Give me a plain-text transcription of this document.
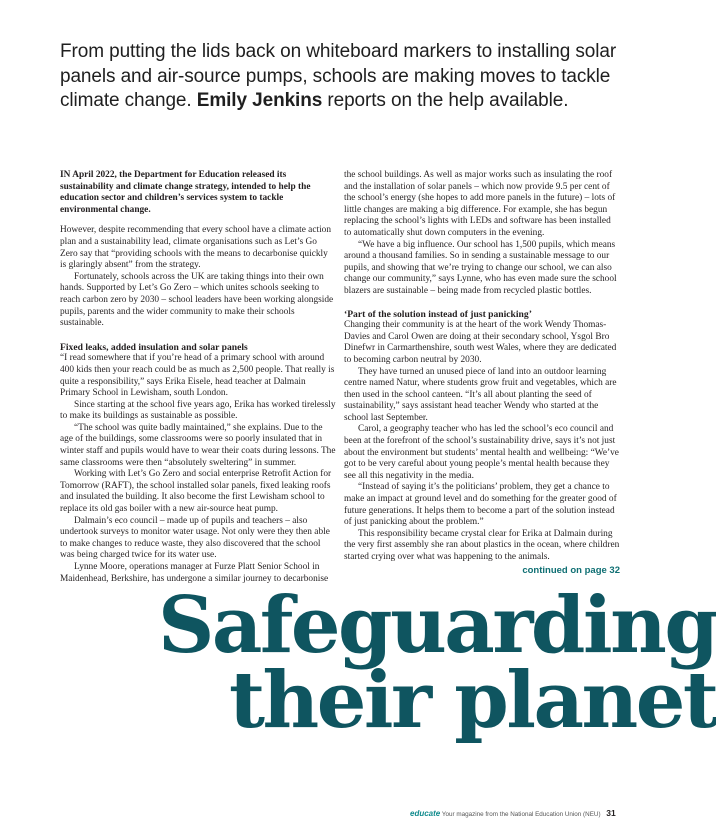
From putting the lids back on whiteboard markers to installing solar panels and air-source pumps, schools are making moves to tackle climate change. Emily Jenkins reports on the help available.

IN April 2022, the Department for Education released its sustainability and climate change strategy, intended to help the education sector and children’s services system to tackle environmental change.

However, despite recommending that every school have a climate action plan and a sustainability lead, climate organisations such as Let’s Go Zero say that “providing schools with the means to decarbonise quickly is glaringly absent” from the strategy.

Fortunately, schools across the UK are taking things into their own hands. Supported by Let’s Go Zero – which unites schools seeking to reach carbon zero by 2030 – school leaders have been working alongside pupils, parents and the wider community to make their schools sustainable.

Fixed leaks, added insulation and solar panels

“I read somewhere that if you’re head of a primary school with around 400 kids then your reach could be as much as 2,500 people. That really is quite a responsibility,” says Erika Eisele, head teacher at Dalmain Primary School in Lewisham, south London.

Since starting at the school five years ago, Erika has worked tirelessly to make its buildings as sustainable as possible.

“The school was quite badly maintained,” she explains. Due to the age of the buildings, some classrooms were so poorly insulated that in winter staff and pupils would have to wear their coats during lessons. The same classrooms were then “absolutely sweltering” in summer.

Working with Let’s Go Zero and social enterprise Retrofit Action for Tomorrow (RAFT), the school installed solar panels, fixed leaking roofs and insulated the building. It also become the first Lewisham school to replace its old gas boiler with a new air-source heat pump.

Dalmain’s eco council – made up of pupils and teachers – also undertook surveys to monitor water usage. Not only were they then able to make changes to reduce waste, they also discovered that the school was being charged twice for its water use.

Lynne Moore, operations manager at Furze Platt Senior School in Maidenhead, Berkshire, has undergone a similar journey to decarbonise

the school buildings. As well as major works such as insulating the roof and the installation of solar panels – which now provide 9.5 per cent of the school’s energy (she hopes to add more panels in the future) – lots of little changes are making a big difference. For example, she has begun replacing the school’s lights with LEDs and software has been installed to automatically shut down computers in the evening.

“We have a big influence. Our school has 1,500 pupils, which means around a thousand families. So in sending a sustainable message to our pupils, and showing that we’re trying to change our school, we can also change our community,” says Lynne, who has even made sure the school blazers are sustainable – being made from recycled plastic bottles.

‘Part of the solution instead of just panicking’

Changing their community is at the heart of the work Wendy Thomas-Davies and Carol Owen are doing at their secondary school, Ysgol Bro Dinefwr in Carmarthenshire, south west Wales, where they are dedicated to becoming carbon neutral by 2030.

They have turned an unused piece of land into an outdoor learning centre named Natur, where students grow fruit and vegetables, which are then used in the school canteen. “It’s all about planting the seed of sustainability,” says assistant head teacher Wendy who started at the school last September.

Carol, a geography teacher who has led the school’s eco council and been at the forefront of the school’s sustainability drive, says it’s not just about the environment but students’ mental health and wellbeing: “We’ve got to be very careful about young people’s mental health because they see all this negativity in the media.

“Instead of saying it’s the politicians’ problem, they get a chance to make an impact at ground level and do something for the greater good of future generations. It helps them to become a part of the solution instead of just panicking about the problem.”

This responsibility became crystal clear for Erika at Dalmain during the very first assembly she ran about plastics in the ocean, where children started crying over what was happening to the animals.

continued on page 32
Safeguarding
their planet
educate Your magazine from the National Education Union (NEU) 31
